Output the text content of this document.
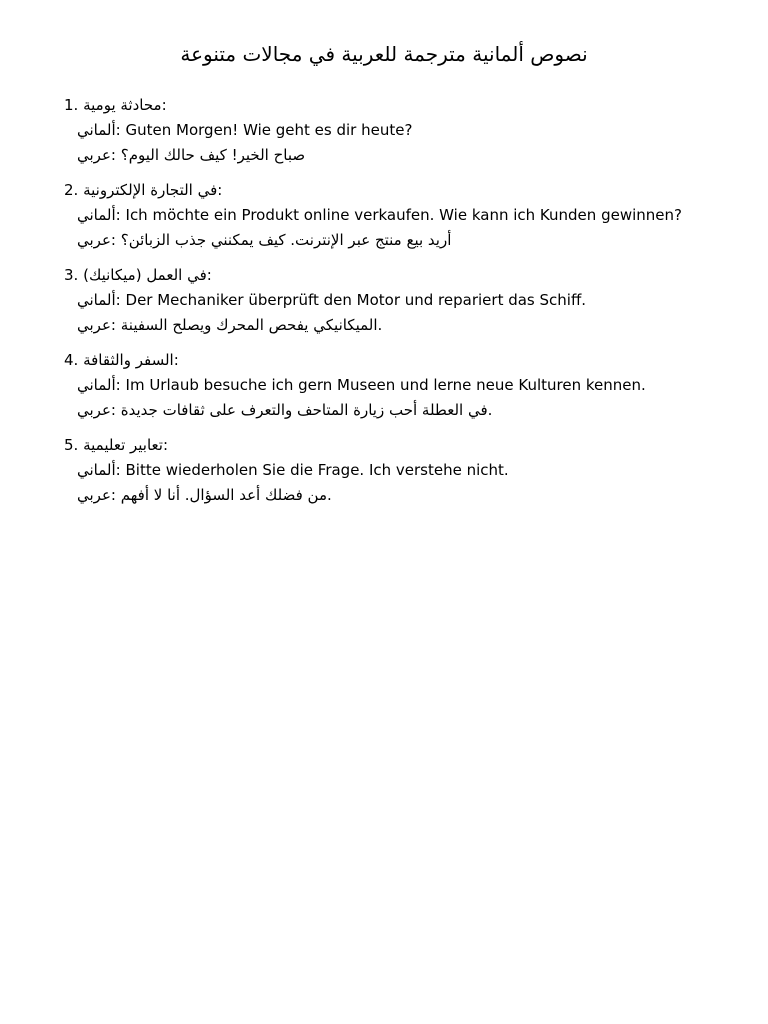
نصوص ألمانية مترجمة للعربية في مجالات متنوعة
1. محادثة يومية:
ألماني: Guten Morgen! Wie geht es dir heute?
عربي: صباح الخير! كيف حالك اليوم؟
2. في التجارة الإلكترونية:
ألماني: Ich möchte ein Produkt online verkaufen. Wie kann ich Kunden gewinnen?
عربي: أريد بيع منتج عبر الإنترنت. كيف يمكنني جذب الزبائن؟
3. في العمل (ميكانيك):
ألماني: Der Mechaniker überprüft den Motor und repariert das Schiff.
عربي: الميكانيكي يفحص المحرك ويصلح السفينة.
4. السفر والثقافة:
ألماني: Im Urlaub besuche ich gern Museen und lerne neue Kulturen kennen.
عربي: في العطلة أحب زيارة المتاحف والتعرف على ثقافات جديدة.
5. تعابير تعليمية:
ألماني: Bitte wiederholen Sie die Frage. Ich verstehe nicht.
عربي: من فضلك أعد السؤال. أنا لا أفهم.
